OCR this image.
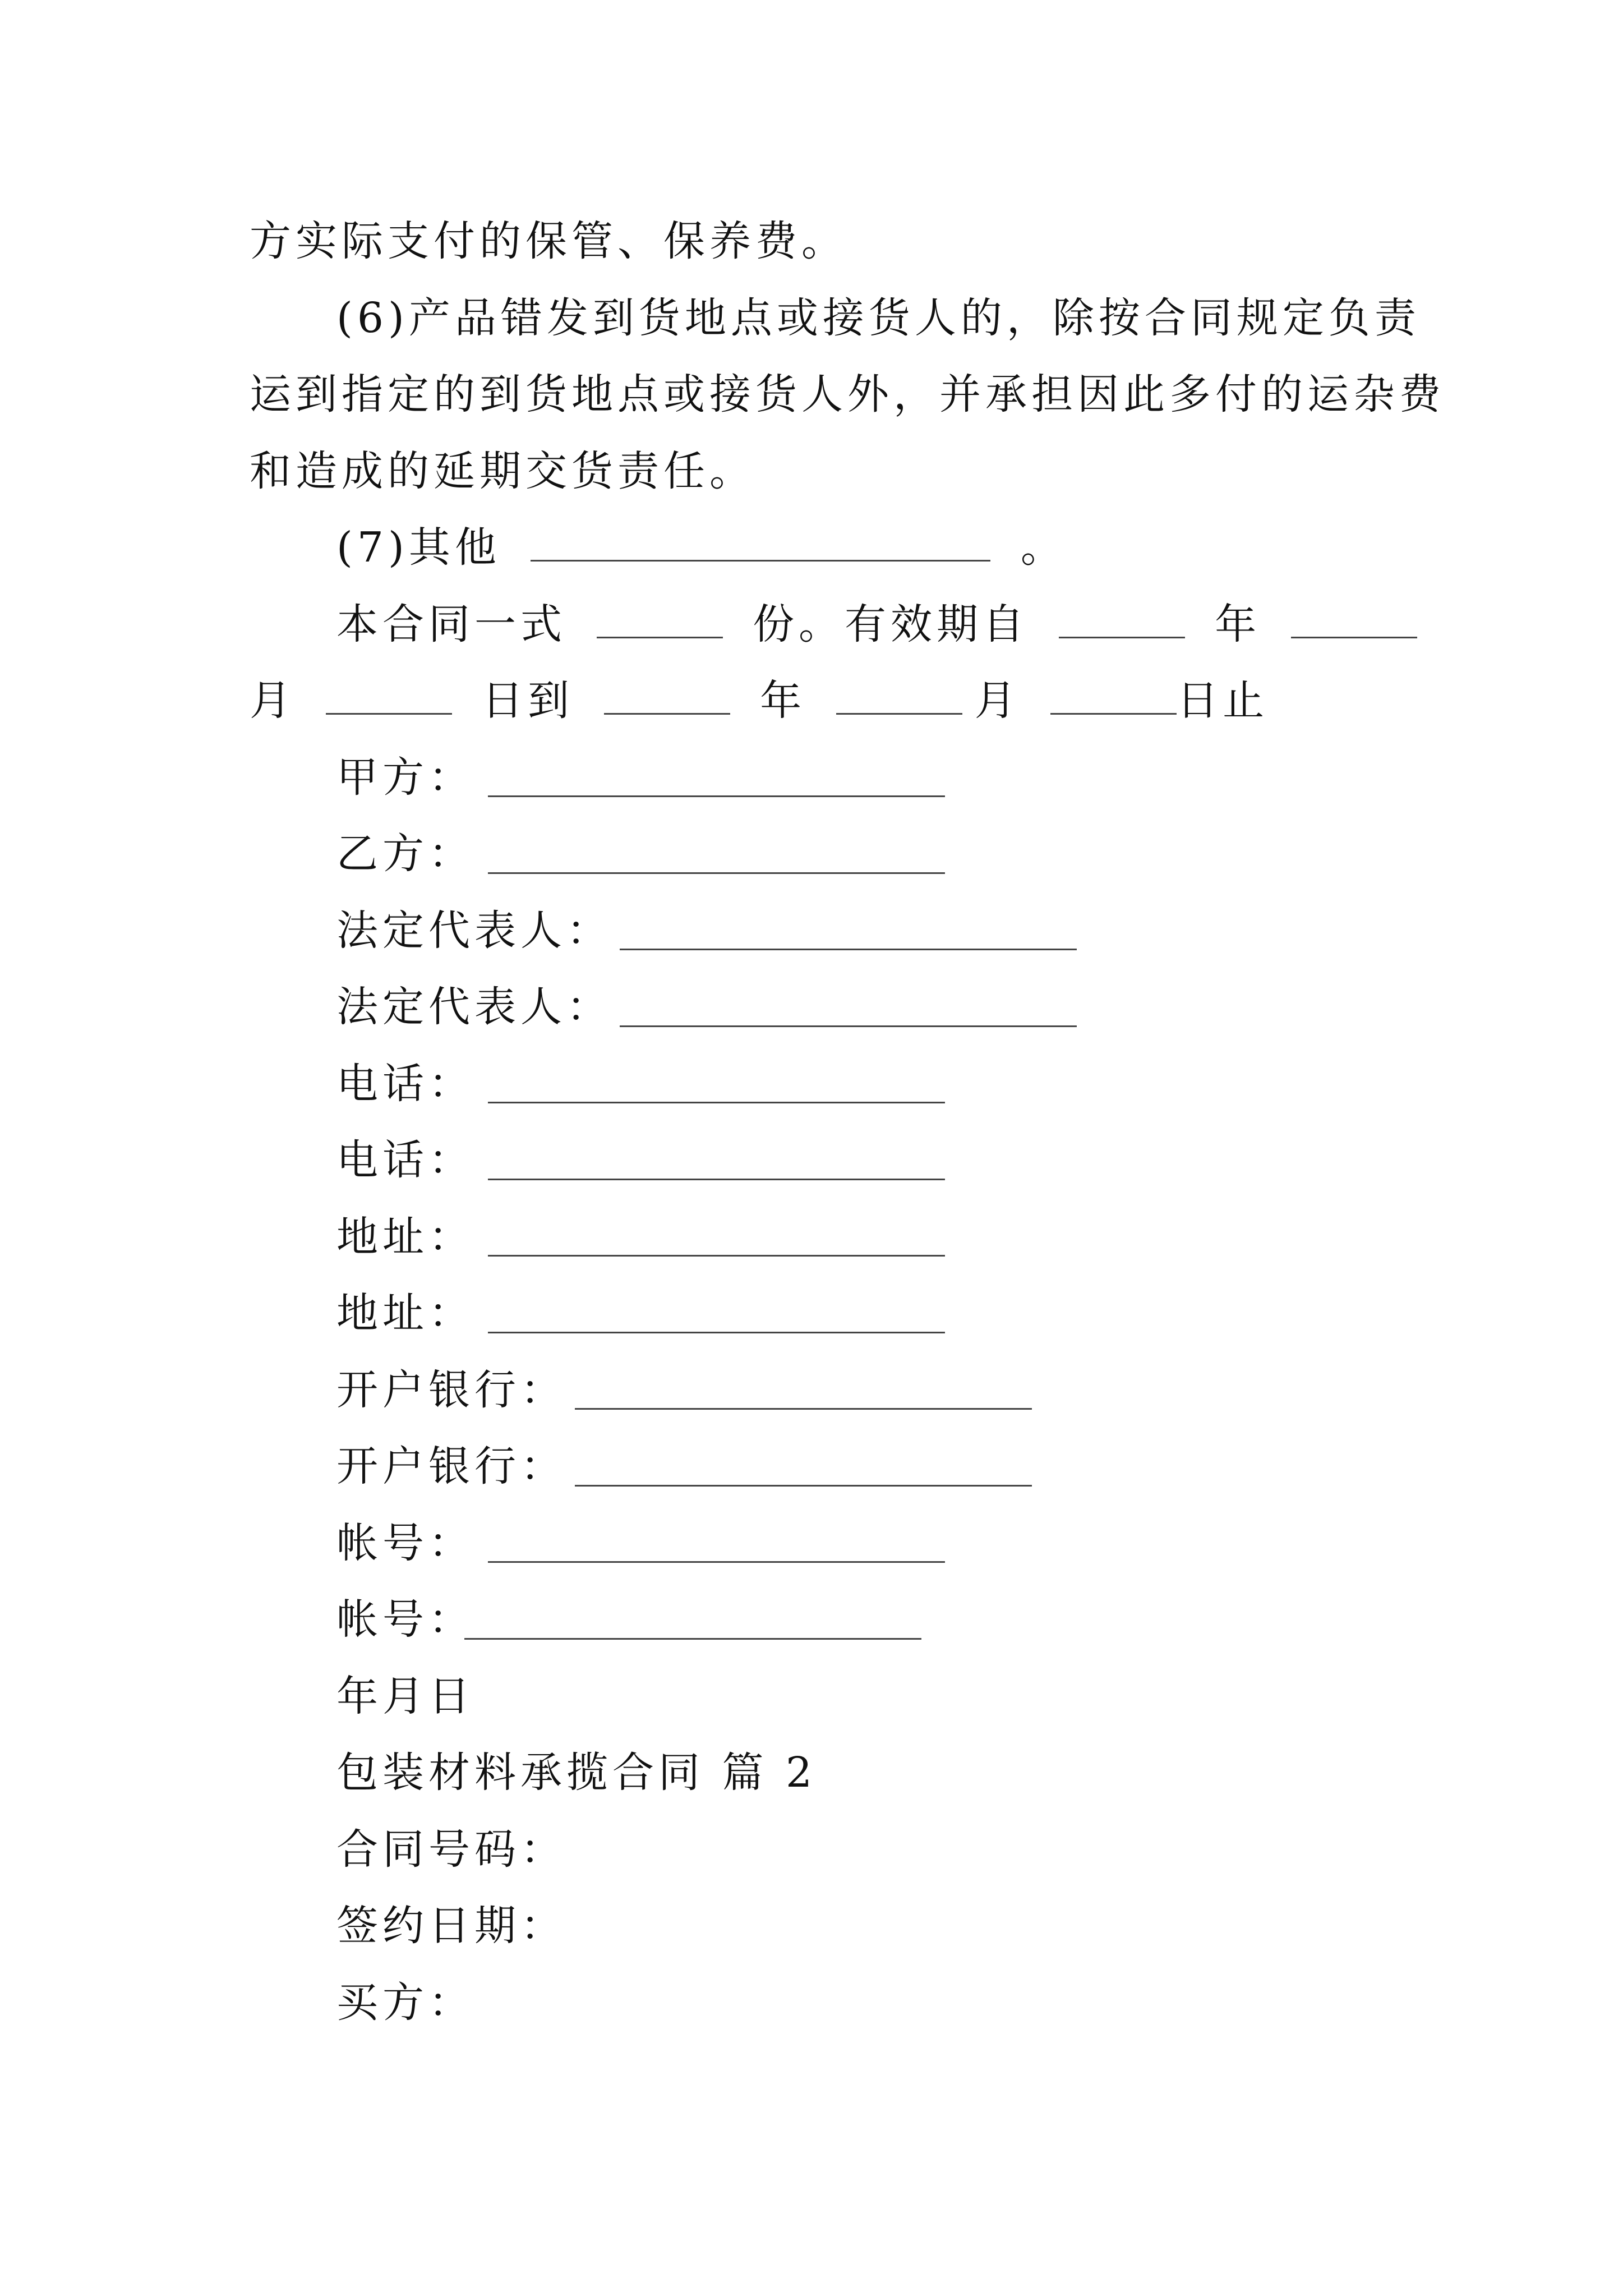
方实际支付的保管、保养费。
(6)产品错发到货地点或接货人的，除按合同规定负责
运到指定的到货地点或接货人外，并承担因此多付的运杂费
和造成的延期交货责任。
(7)其他	。
本合同一式	份。有效期自	年
月	日到	年	月	日止
甲方：
乙方：
法定代表人：
法定代表人：
电话：
电话：
地址：
地址：
开户银行：
开户银行：
帐号：
帐号：
年月日
包装材料承揽合同 篇 2
合同号码：
签约日期：
买方：
